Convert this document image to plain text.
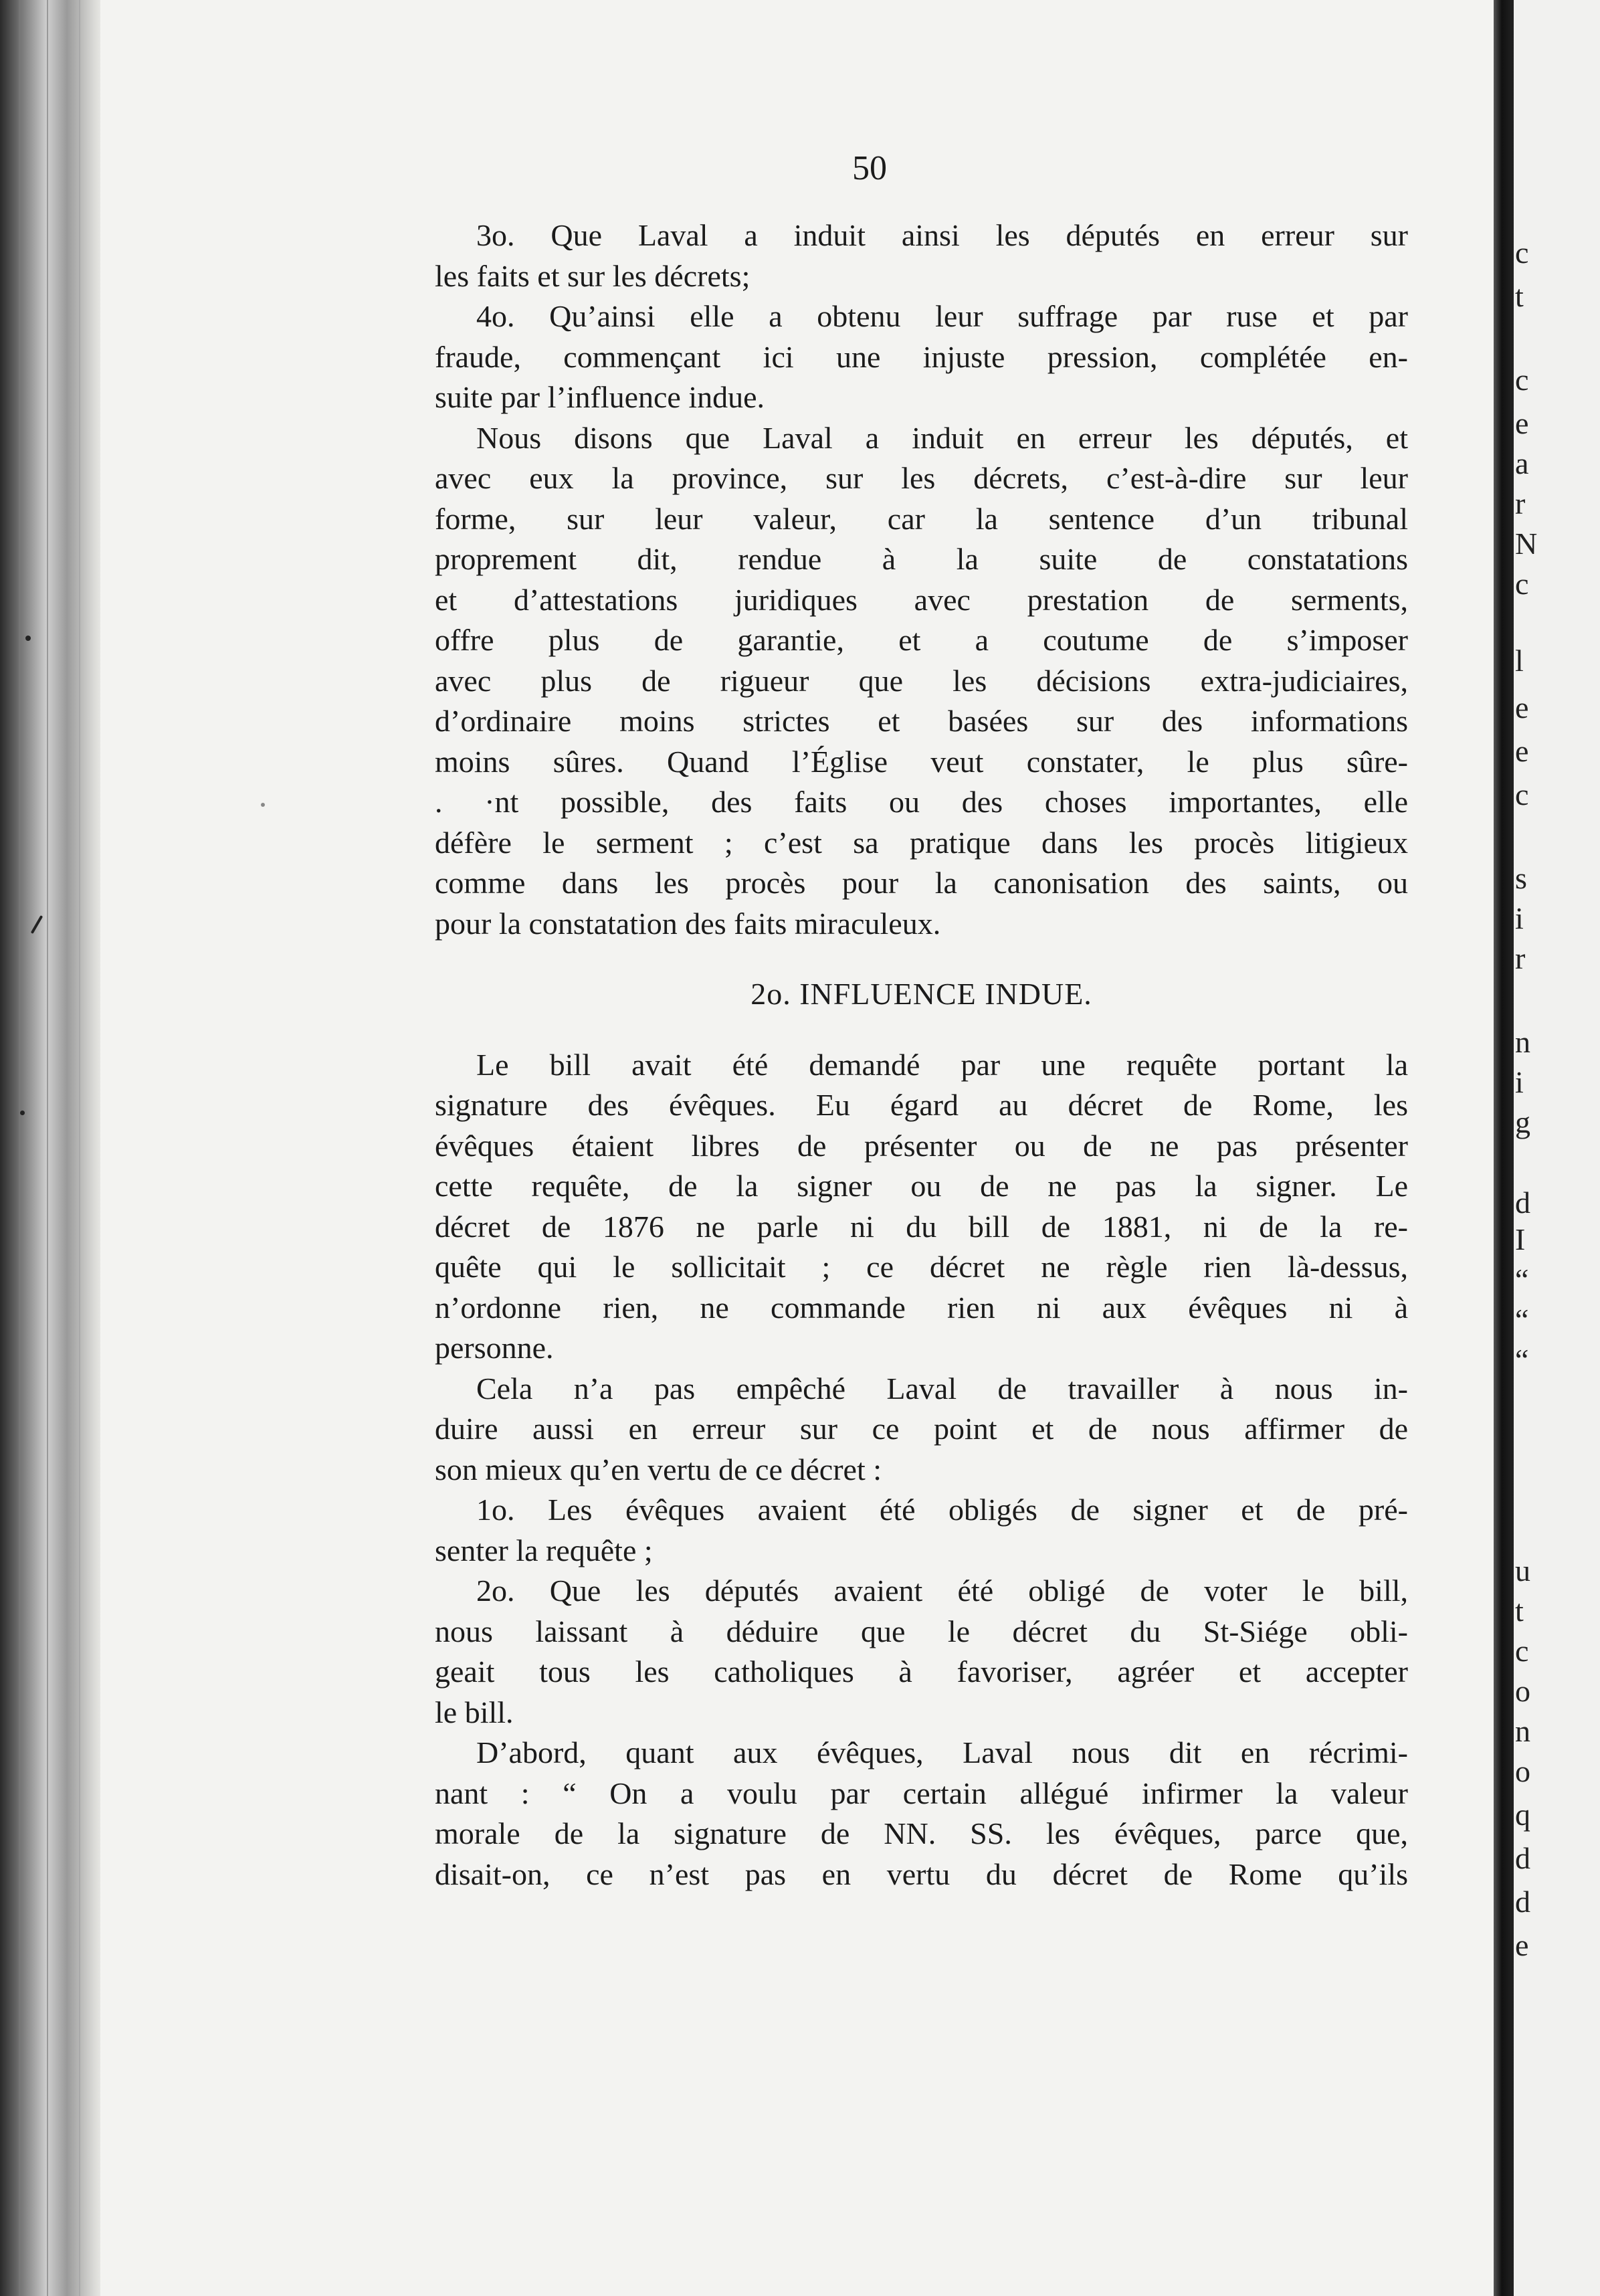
50
3o. Que Laval a induit ainsi les députés en erreur sur
les faits et sur les décrets;
4o. Qu’ainsi elle a obtenu leur suffrage par ruse et par
fraude, commençant ici une injuste pression, complétée en-
suite par l’influence indue.
Nous disons que Laval a induit en erreur les députés, et
avec eux la province, sur les décrets, c’est-à-dire sur leur
forme, sur leur valeur, car la sentence d’un tribunal
proprement dit, rendue à la suite de constatations
et d’attestations juridiques avec prestation de serments,
offre plus de garantie, et a coutume de s’imposer
avec plus de rigueur que les décisions extra-judiciaires,
d’ordinaire moins strictes et basées sur des informations
moins sûres. Quand l’Église veut constater, le plus sûre-
. ·nt possible, des faits ou des choses importantes, elle
défère le serment ; c’est sa pratique dans les procès litigieux
comme dans les procès pour la canonisation des saints, ou
pour la constatation des faits miraculeux.
2o. INFLUENCE INDUE.
Le bill avait été demandé par une requête portant la
signature des évêques. Eu égard au décret de Rome, les
évêques étaient libres de présenter ou de ne pas présenter
cette requête, de la signer ou de ne pas la signer. Le
décret de 1876 ne parle ni du bill de 1881, ni de la re-
quête qui le sollicitait ; ce décret ne règle rien là-dessus,
n’ordonne rien, ne commande rien ni aux évêques ni à
personne.
Cela n’a pas empêché Laval de travailler à nous in-
duire aussi en erreur sur ce point et de nous affirmer de
son mieux qu’en vertu de ce décret :
1o. Les évêques avaient été obligés de signer et de pré-
senter la requête ;
2o. Que les députés avaient été obligé de voter le bill,
nous laissant à déduire que le décret du St-Siége obli-
geait tous les catholiques à favoriser, agréer et accepter
le bill.
D’abord, quant aux évêques, Laval nous dit en récrimi-
nant : “ On a voulu par certain allégué infirmer la valeur
morale de la signature de NN. SS. les évêques, parce que,
disait-on, ce n’est pas en vertu du décret de Rome qu’ils
c
t
c
e
a
r
N
c
l
e
e
c
s
i
r
n
i
g
d
I
“
“
“
u
t
c
o
n
o
q
d
d
e
